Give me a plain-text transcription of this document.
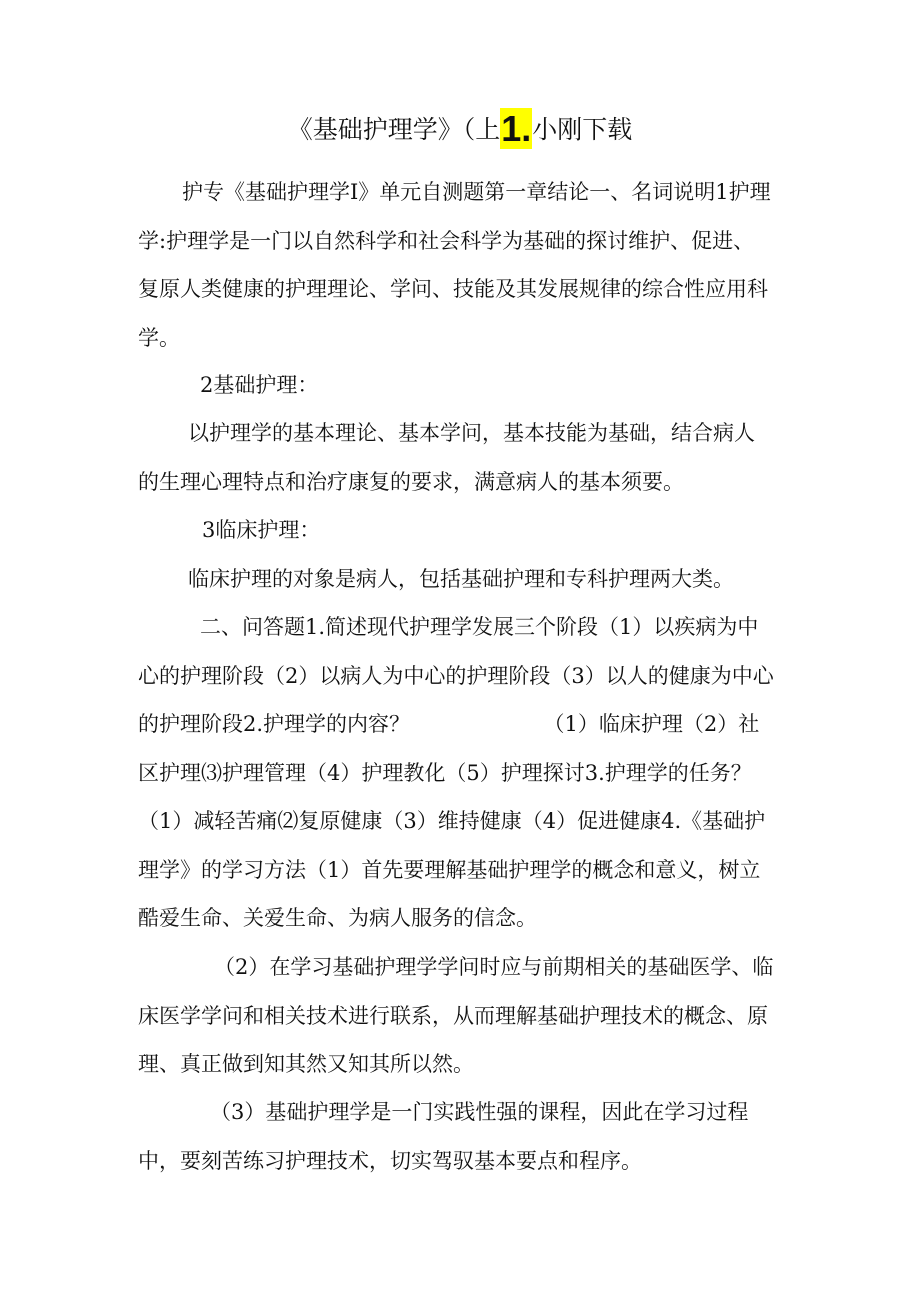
《基础护理学》（上1.小刚下载
护专《基础护理学I》单元自测题第一章结论一、名词说明1护理
学:护理学是一门以自然科学和社会科学为基础的探讨维护、促进、
复原人类健康的护理理论、学问、技能及其发展规律的综合性应用科
学。
2基础护理：
以护理学的基本理论、基本学问，基本技能为基础，结合病人
的生理心理特点和治疗康复的要求，满意病人的基本须要。
3临床护理：
临床护理的对象是病人，包括基础护理和专科护理两大类。
二、问答题1.简述现代护理学发展三个阶段（1）以疾病为中
心的护理阶段（2）以病人为中心的护理阶段（3）以人的健康为中心
的护理阶段2.护理学的内容？                    （1）临床护理（2）社
区护理⑶护理管理（4）护理教化（5）护理探讨3.护理学的任务？
（1）减轻苦痛⑵复原健康（3）维持健康（4）促进健康4.《基础护
理学》的学习方法（1）首先要理解基础护理学的概念和意义，树立
酷爱生命、关爱生命、为病人服务的信念。
（2）在学习基础护理学学问时应与前期相关的基础医学、临
床医学学问和相关技术进行联系，从而理解基础护理技术的概念、原
理、真正做到知其然又知其所以然。
（3）基础护理学是一门实践性强的课程，因此在学习过程
中，要刻苦练习护理技术，切实驾驭基本要点和程序。
